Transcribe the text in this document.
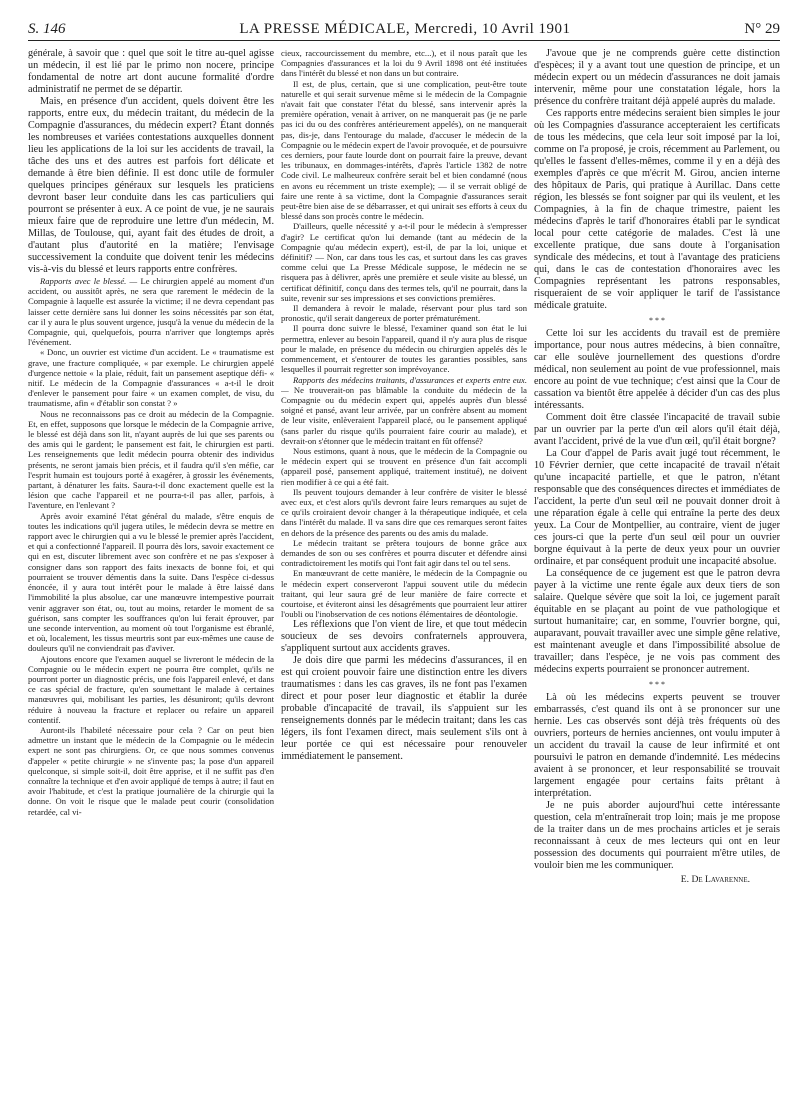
S. 146	LA PRESSE MÉDICALE, Mercredi, 10 Avril 1901	N° 29

générale, à savoir que : quel que soit le titre au-quel agisse un médecin, il est lié par le primo non nocere, principe fondamental de notre art dont aucune formalité d'ordre administratif ne permet de se départir.

Mais, en présence d'un accident, quels doivent être les rapports, entre eux, du médecin traitant, du médecin de la Compagnie d'assurances, du médecin expert? Étant donnés les nombreuses et variées contestations auxquelles donnent lieu les applications de la loi sur les accidents de travail, la tâche des uns et des autres est parfois fort délicate et demande à être bien définie. Il est donc utile de formuler quelques principes généraux sur lesquels les praticiens devront baser leur conduite dans les cas particuliers qui pourront se présenter à eux. A ce point de vue, je ne saurais mieux faire que de reproduire une lettre d'un médecin, M. Millas, de Toulouse, qui, ayant fait des études de droit, a d'autant plus d'autorité en la matière; l'envisage successivement la conduite que doivent tenir les médecins vis-à-vis du blessé et leurs rapports entre confrères.

Rapports avec le blessé. — Le chirurgien appelé au moment d'un accident, ou aussitôt après, ne sera que rarement le médecin de la Compagnie à laquelle est assurée la victime; il ne devra cependant pas laisser cette dernière sans lui donner les soins nécessités par son état, car il y aura le plus souvent urgence, jusqu'à la venue du médecin de la Compagnie, qui, quelquefois, pourra n'arriver que longtemps après l'événement.

« Donc, un ouvrier est victime d'un accident. Le « traumatisme est grave, une fracture compliquée, « par exemple. Le chirurgien appelé d'urgence nettoie « la plaie, réduit, fait un pansement aseptique défi- « nitif. Le médecin de la Compagnie d'assurances « a-t-il le droit d'enlever le pansement pour faire « un examen complet, de visu, du traumatisme, afin « d'établir son constat ? »

Nous ne reconnaissons pas ce droit au médecin de la Compagnie. Et, en effet, supposons que lorsque le médecin de la Compagnie arrive, le blessé est déjà dans son lit, n'ayant auprès de lui que ses parents ou des amis qui le gardent; le pansement est fait, le chirurgien est parti. Les renseignements que ledit médecin pourra obtenir des individus présents, ne seront jamais bien précis, et il faudra qu'il s'en méfie, car l'esprit humain est toujours porté à exagérer, à grossir les événements, partant, à dénaturer les faits. Saura-t-il donc exactement quelle est la lésion que cache l'appareil et ne pourra-t-il pas aller, parfois, à l'aventure, en l'enlevant ?

Après avoir examiné l'état général du malade, s'être enquis de toutes les indications qu'il jugera utiles, le médecin devra se mettre en rapport avec le chirurgien qui a vu le blessé le premier après l'accident, et qui a confectionné l'appareil. Il pourra dès lors, savoir exactement ce qui en est, discuter librement avec son confrère et ne pas s'exposer à consigner dans son rapport des faits inexacts de bonne foi, et qui pourraient se trouver démentis dans la suite. Dans l'espèce ci-dessus énoncée, il y aura tout intérêt pour le malade à être laissé dans l'immobilité la plus absolue, car une manœuvre intempestive pourrait venir aggraver son état, ou, tout au moins, retarder le moment de sa guérison, sans compter les souffrances qu'on lui ferait éprouver, par une seconde intervention, au moment où tout l'organisme est ébranlé, et où, localement, les tissus meurtris sont par eux-mêmes une cause de douleurs qu'il ne conviendrait pas d'aviver.

Ajoutons encore que l'examen auquel se livreront le médecin de la Compagnie ou le médecin expert ne pourra être complet, qu'ils ne pourront porter un diagnostic précis, une fois l'appareil enlevé, et dans ce cas spécial de fracture, qu'en soumettant le malade à certaines manœuvres qui, mobilisant les parties, les désuniront; qu'ils devront réduire à nouveau la fracture et replacer ou refaire un appareil contentif.

Auront-ils l'habileté nécessaire pour cela ? Car on peut bien admettre un instant que le médecin de la Compagnie ou le médecin expert ne sont pas chirurgiens. Or, ce que nous sommes convenus d'appeler « petite chirurgie » ne s'invente pas; la pose d'un appareil quelconque, si simple soit-il, doit être apprise, et il ne suffit pas d'en connaître la technique et d'en avoir appliqué de temps à autre; il faut en avoir l'habitude, et c'est la pratique journalière de la chirurgie qui la donne. On voit le risque que le malade peut courir (consolidation retardée, cal vi-

cieux, raccourcissement du membre, etc...), et il nous paraît que les Compagnies d'assurances et la loi du 9 Avril 1898 ont été instituées dans l'intérêt du blessé et non dans un but contraire.

Il est, de plus, certain, que si une complication, peut-être toute naturelle et qui serait survenue même si le médecin de la Compagnie n'avait fait que constater l'état du blessé, sans intervenir après la première opération, venait à arriver, on ne manquerait pas (je ne parle pas ici du ou des confrères antérieurement appelés), on ne manquerait pas, dis-je, dans l'entourage du malade, d'accuser le médecin de la Compagnie ou le médecin expert de l'avoir provoquée, et de poursuivre ces derniers, pour faute lourde dont on pourrait faire la preuve, devant les tribunaux, en dommages-intérêts, d'après l'article 1382 de notre Code civil. Le malheureux confrère serait bel et bien condamné (nous en avons eu récemment un triste exemple); — il se verrait obligé de faire une rente à sa victime, dont la Compagnie d'assurances serait peut-être bien aise de se débarrasser, et qui unirait ses efforts à ceux du blessé dans son procès contre le médecin.

D'ailleurs, quelle nécessité y a-t-il pour le médecin à s'empresser d'agir? Le certificat qu'on lui demande (tant au médecin de la Compagnie qu'au médecin expert), est-il, de par la loi, unique et définitif? — Non, car dans tous les cas, et surtout dans les cas graves comme celui que La Presse Médicale suppose, le médecin ne se risquera pas à délivrer, après une première et seule visite au blessé, un certificat définitif, conçu dans des termes tels, qu'il ne pourrait, dans la suite, revenir sur ses impressions et ses convictions premières.

Il demandera à revoir le malade, réservant pour plus tard son pronostic, qu'il serait dangereux de porter prématurément.

Il pourra donc suivre le blessé, l'examiner quand son état le lui permettra, enlever au besoin l'appareil, quand il n'y aura plus de risque pour le malade, en présence du médecin ou chirurgien appelés dès le commencement, et s'entourer de toutes les garanties possibles, sans lesquelles il pourrait regretter son imprévoyance.

Rapports des médecins traitants, d'assurances et experts entre eux. — Ne trouverait-on pas blâmable la conduite du médecin de la Compagnie ou du médecin expert qui, appelés auprès d'un blessé soigné et pansé, avant leur arrivée, par un confrère absent au moment de leur visite, enlèveraient l'appareil placé, ou le pansement appliqué (sans parler du risque qu'ils pourraient faire courir au malade), et devrait-on s'étonner que le médecin traitant en fût offensé?

Nous estimons, quant à nous, que le médecin de la Compagnie ou le médecin expert qui se trouvent en présence d'un fait accompli (appareil posé, pansement appliqué, traitement institué), ne doivent rien modifier à ce qui a été fait.

Ils peuvent toujours demander à leur confrère de visiter le blessé avec eux, et c'est alors qu'ils devront faire leurs remarques au sujet de ce qu'ils croiraient devoir changer à la thérapeutique indiquée, et cela dans l'intérêt du malade. Il va sans dire que ces remarques seront faites en dehors de la présence des parents ou des amis du malade.

Le médecin traitant se prêtera toujours de bonne grâce aux demandes de son ou ses confrères et pourra discuter et défendre ainsi contradictoirement les motifs qui l'ont fait agir dans tel ou tel sens.

En manœuvrant de cette manière, le médecin de la Compagnie ou le médecin expert conserveront l'appui souvent utile du médecin traitant, qui leur saura gré de leur manière de faire correcte et courtoise, et éviteront ainsi les désagréments que pourraient leur attirer l'oubli ou l'inobservation de ces notions élémentaires de déontologie.

Les réflexions que l'on vient de lire, et que tout médecin soucieux de ses devoirs confraternels approuvera, s'appliquent surtout aux accidents graves.

Je dois dire que parmi les médecins d'assurances, il en est qui croient pouvoir faire une distinction entre les divers traumatismes : dans les cas graves, ils ne font pas l'examen direct et pour poser leur diagnostic et établir la durée probable d'incapacité de travail, ils s'appuient sur les renseignements donnés par le médecin traitant; dans les cas légers, ils font l'examen direct, mais seulement s'ils ont à leur portée ce qui est nécessaire pour renouveler immédiatement le pansement.

J'avoue que je ne comprends guère cette distinction d'espèces; il y a avant tout une question de principe, et un médecin expert ou un médecin d'assurances ne doit jamais intervenir, même pour une constatation légale, hors la présence du confrère traitant déjà appelé auprès du malade.

Ces rapports entre médecins seraient bien simples le jour où les Compagnies d'assurance accepteraient les certificats de tous les médecins, que cela leur soit imposé par la loi, comme on l'a proposé, je crois, récemment au Parlement, ou qu'elles le fassent d'elles-mêmes, comme il y en a déjà des exemples d'après ce que m'écrit M. Girou, ancien interne des hôpitaux de Paris, qui pratique à Aurillac. Dans cette région, les blessés se font soigner par qui ils veulent, et les Compagnies, à la fin de chaque trimestre, paient les médecins d'après le tarif d'honoraires établi par le syndicat local pour cette catégorie de malades. C'est là une excellente pratique, due sans doute à l'organisation syndicale des médecins, et tout à l'avantage des praticiens qui, dans le cas de contestation d'honoraires avec les Compagnies représentant les patrons responsables, risqueraient de se voir appliquer le tarif de l'assistance médicale gratuite.

* * *

Cette loi sur les accidents du travail est de première importance, pour nous autres médecins, à bien connaître, car elle soulève journellement des questions d'ordre médical, non seulement au point de vue professionnel, mais encore au point de vue technique; c'est ainsi que la Cour de cassation va bientôt être appelée à décider d'un cas des plus intéressants.

Comment doit être classée l'incapacité de travail subie par un ouvrier par la perte d'un œil alors qu'il était déjà, avant l'accident, privé de la vue d'un œil, qu'il était borgne?

La Cour d'appel de Paris avait jugé tout récemment, le 10 Février dernier, que cette incapacité de travail n'était qu'une incapacité partielle, et que le patron, n'étant responsable que des conséquences directes et immédiates de l'accident, la perte d'un seul œil ne pouvait donner droit à une réparation égale à celle qui entraîne la perte des deux yeux. La Cour de Montpellier, au contraire, vient de juger ces jours-ci que la perte d'un seul œil pour un ouvrier borgne équivaut à la perte de deux yeux pour un ouvrier ordinaire, et par conséquent produit une incapacité absolue.

La conséquence de ce jugement est que le patron devra payer à la victime une rente égale aux deux tiers de son salaire. Quelque sévère que soit la loi, ce jugement paraît équitable en se plaçant au point de vue pathologique et surtout humanitaire; car, en somme, l'ouvrier borgne, qui, auparavant, pouvait travailler avec une simple gêne relative, est maintenant aveugle et dans l'impossibilité absolue de travailler; dans l'espèce, je ne vois pas comment des médecins experts pourraient se prononcer autrement.

* * *

Là où les médecins experts peuvent se trouver embarrassés, c'est quand ils ont à se prononcer sur une hernie. Les cas observés sont déjà très fréquents où des ouvriers, porteurs de hernies anciennes, ont voulu imputer à un accident du travail la cause de leur infirmité et ont poursuivi le patron en demande d'indemnité. Les médecins avaient à se prononcer, et leur responsabilité se trouvait largement engagée pour certains faits prêtant à interprétation.

Je ne puis aborder aujourd'hui cette intéressante question, cela m'entraînerait trop loin; mais je me propose de la traiter dans un de mes prochains articles et je serais reconnaissant à ceux de mes lecteurs qui ont en leur possession des documents qui pourraient m'être utiles, de vouloir bien me les communiquer.

E. De Lavarenne.
